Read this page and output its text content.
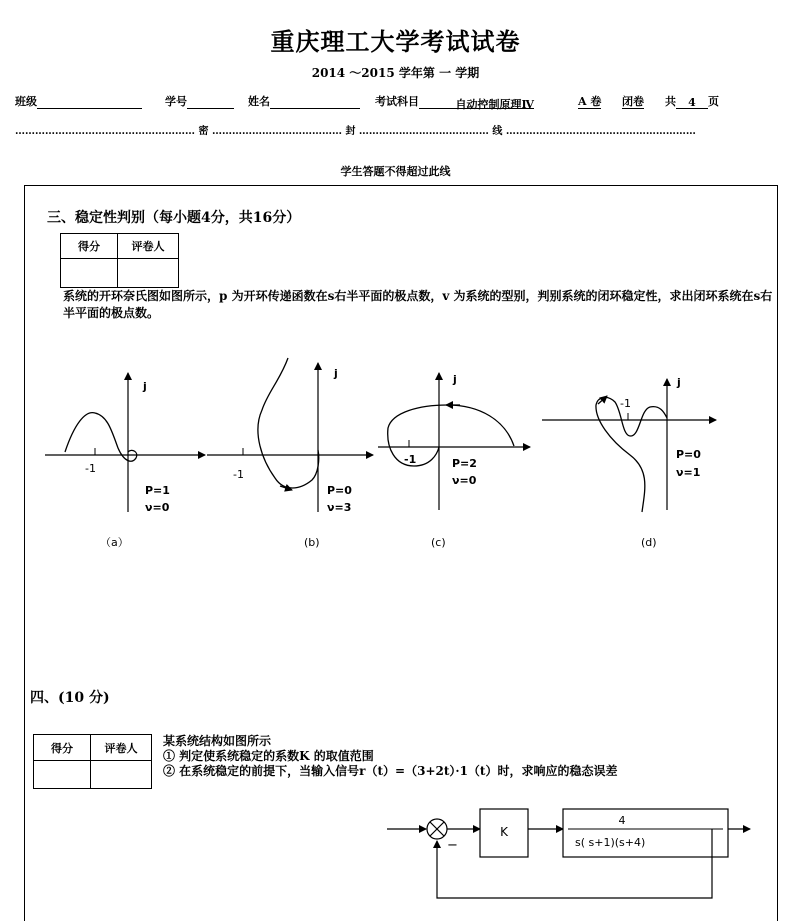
重庆理工大学考试试卷
2014 ～2015 学年第 一 学期
班级	学号	姓名	考试科目	自动控制原理Ⅳ	A 卷 闭卷 共 4 页
……………………………………………… 密 ………………………………… 封 ………………………………… 线 …………………………………………………
学生答题不得超过此线
三、稳定性判别（每小题4分，共16分）
得分	评卷人

系统的开环奈氏图如图所示，p 为开环传递函数在s右半平面的极点数，v 为系统的型别，判别系统的闭环稳定性，求出闭环系统在s右半平面的极点数。
j
-1
P=1
ν=0
（a）
j
-1
P=0
ν=3
(b)
j
-1	P=2
ν=0
(c)
j
-1
P=0
ν=1
(d)
四、(10 分)
得分	评卷人
	某系统结构如图所示
① 判定使系统稳定的系数K 的取值范围
② 在系统稳定的前提下，当输入信号r（t）=（3+2t）·1（t）时，求响应的稳态误差
−
K
4
s( s+1)(s+4)
